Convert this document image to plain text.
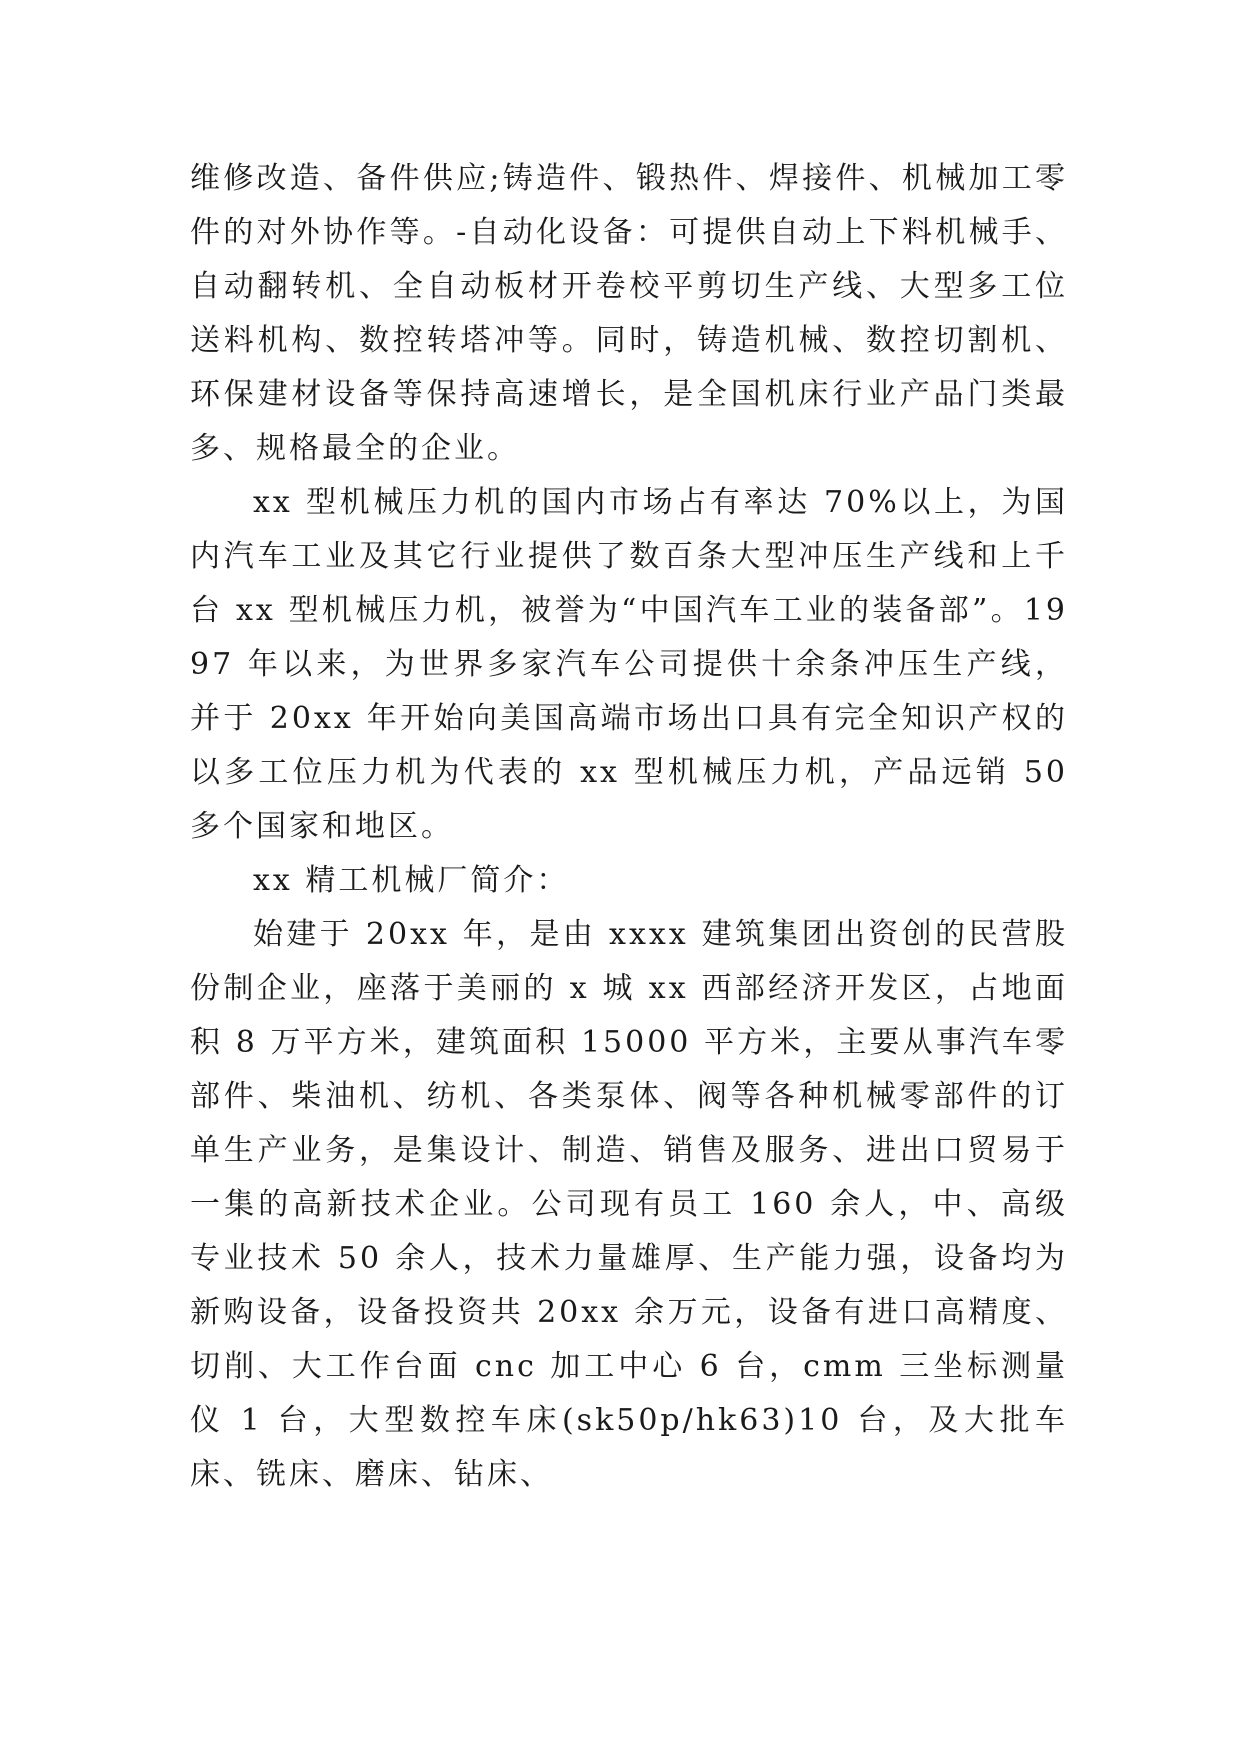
维修改造、备件供应;铸造件、锻热件、焊接件、机械加工零件的对外协作等。-自动化设备：可提供自动上下料机械手、自动翻转机、全自动板材开卷校平剪切生产线、大型多工位送料机构、数控转塔冲等。同时，铸造机械、数控切割机、环保建材设备等保持高速增长，是全国机床行业产品门类最多、规格最全的企业。

xx 型机械压力机的国内市场占有率达 70%以上，为国内汽车工业及其它行业提供了数百条大型冲压生产线和上千台 xx 型机械压力机，被誉为“中国汽车工业的装备部”。1997 年以来，为世界多家汽车公司提供十余条冲压生产线，并于 20xx 年开始向美国高端市场出口具有完全知识产权的以多工位压力机为代表的 xx 型机械压力机，产品远销 50 多个国家和地区。

xx 精工机械厂简介：

始建于 20xx 年，是由 xxxx 建筑集团出资创的民营股份制企业，座落于美丽的 x 城 xx 西部经济开发区，占地面积 8 万平方米，建筑面积 15000 平方米，主要从事汽车零部件、柴油机、纺机、各类泵体、阀等各种机械零部件的订单生产业务，是集设计、制造、销售及服务、进出口贸易于一集的高新技术企业。公司现有员工 160 余人，中、高级专业技术 50 余人，技术力量雄厚、生产能力强，设备均为新购设备，设备投资共 20xx 余万元，设备有进口高精度、切削、大工作台面 cnc 加工中心 6 台，cmm 三坐标测量仪 1 台，大型数控车床(sk50p/hk63)10 台，及大批车床、铣床、磨床、钻床、
